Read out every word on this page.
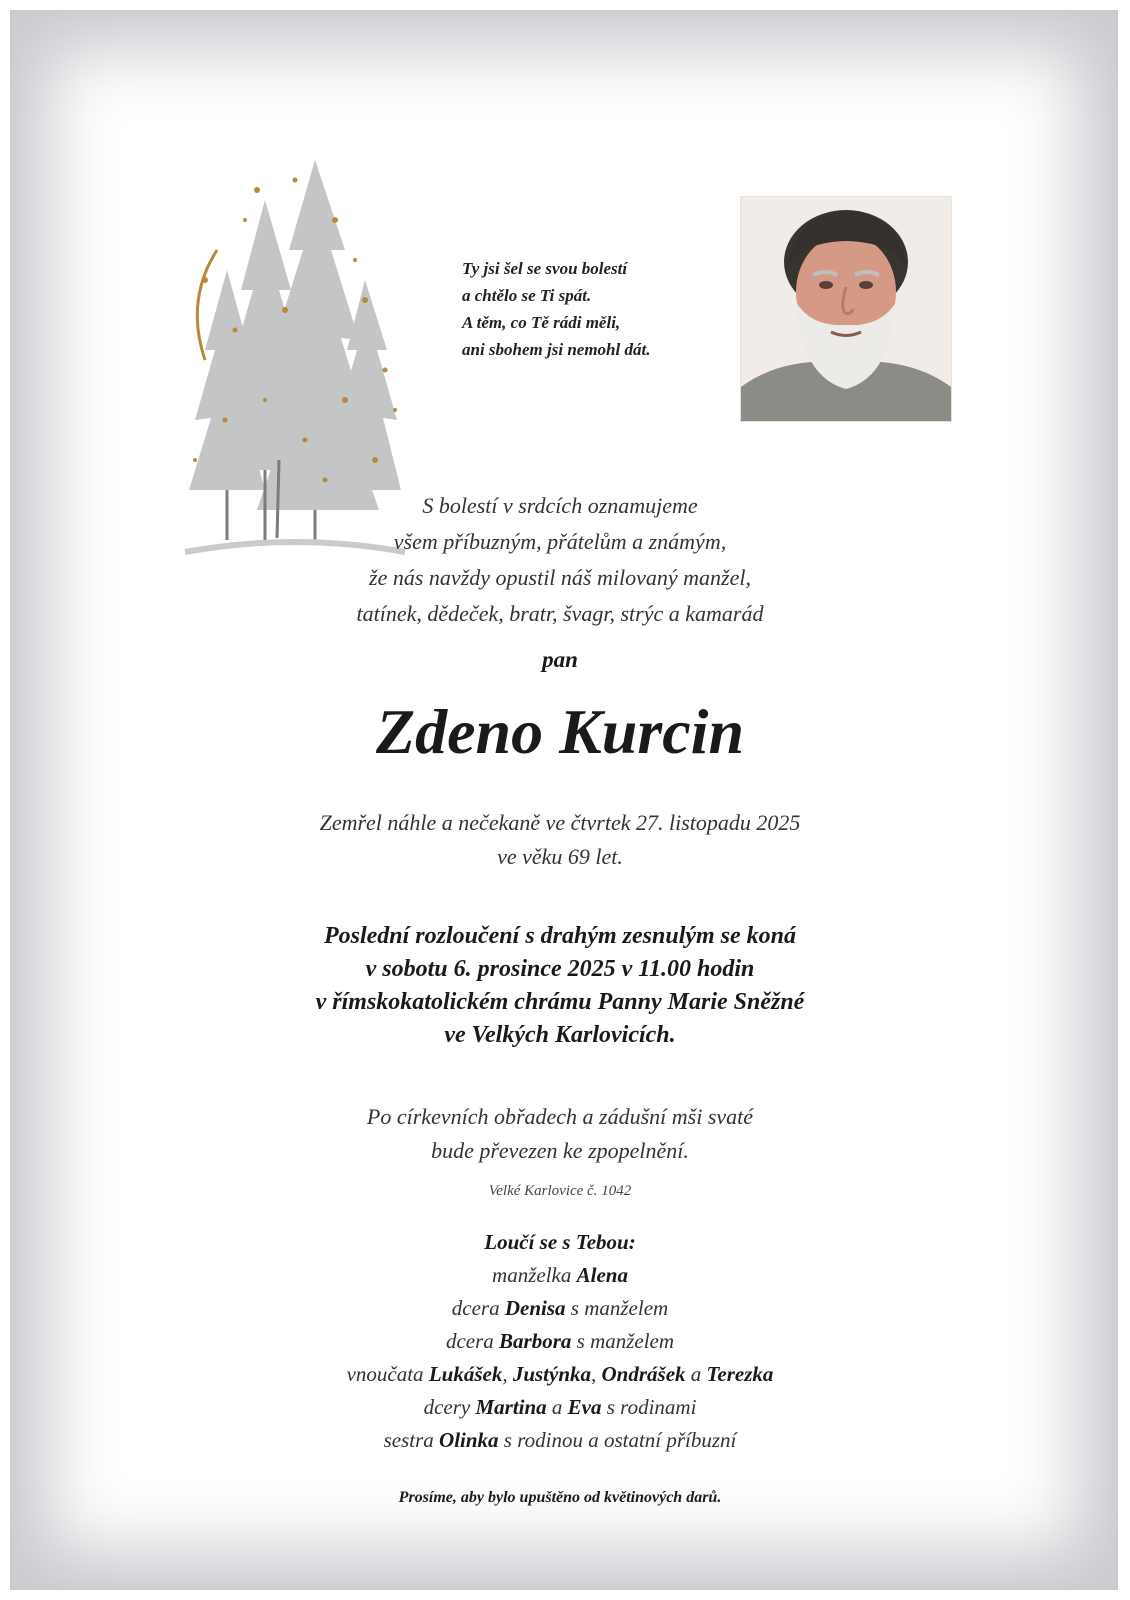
Ty jsi šel se svou bolestí
a chtělo se Ti spát.
A těm, co Tě rádi měli,
ani sbohem jsi nemohl dát.
S bolestí v srdcích oznamujeme
všem příbuzným, přátelům a známým,
že nás navždy opustil náš milovaný manžel,
tatínek, dědeček, bratr, švagr, strýc a kamarád
pan
Zdeno Kurcin
Zemřel náhle a nečekaně ve čtvrtek 27. listopadu 2025
ve věku 69 let.
Poslední rozloučení s drahým zesnulým se koná
v sobotu 6. prosince 2025 v 11.00 hodin
v římskokatolickém chrámu Panny Marie Sněžné
ve Velkých Karlovicích.
Po církevních obřadech a zádušní mši svaté
bude převezen ke zpopelnění.
Velké Karlovice č. 1042
Loučí se s Tebou:
manželka Alena
dcera Denisa s manželem
dcera Barbora s manželem
vnoučata Lukášek, Justýnka, Ondrášek a Terezka
dcery Martina a Eva s rodinami
sestra Olinka s rodinou a ostatní příbuzní
Prosíme, aby bylo upuštěno od květinových darů.
